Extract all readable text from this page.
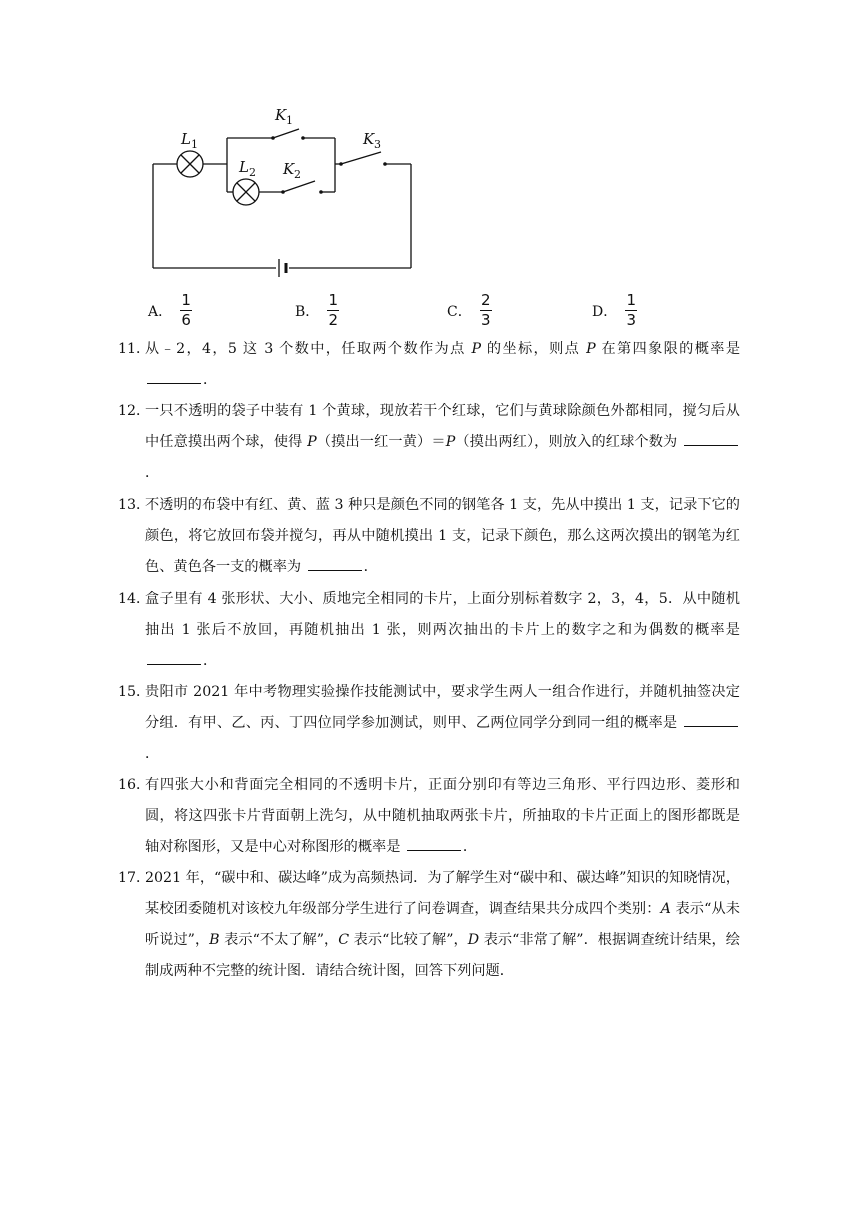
L 1
L 2
K 1
K 2
K 3
A． $\frac{1}{6}$	B． $\frac{1}{2}$	C． $\frac{2}{3}$	D． $\frac{1}{3}$
11．
从﹣2，4，5 这 3 个数中，任取两个数作为点 P 的坐标，则点 P 在第四象限的概率是 ．
12．
一只不透明的袋子中装有 1 个黄球，现放若干个红球，它们与黄球除颜色外都相同，搅匀后从中任意摸出两个球，使得 P（摸出一红一黄）＝P（摸出两红），则放入的红球个数为 ．
13．
不透明的布袋中有红、黄、蓝 3 种只是颜色不同的钢笔各 1 支，先从中摸出 1 支，记录下它的颜色，将它放回布袋并搅匀，再从中随机摸出 1 支，记录下颜色，那么这两次摸出的钢笔为红色、黄色各一支的概率为	．
14．
盒子里有 4 张形状、大小、质地完全相同的卡片，上面分别标着数字 2，3，4，5．从中随机抽出 1 张后不放回，再随机抽出 1 张，则两次抽出的卡片上的数字之和为偶数的概率是 ．
15．
贵阳市 2021 年中考物理实验操作技能测试中，要求学生两人一组合作进行，并随机抽签决定分组．有甲、乙、丙、丁四位同学参加测试，则甲、乙两位同学分到同一组的概率是 ．
16．
有四张大小和背面完全相同的不透明卡片，正面分别印有等边三角形、平行四边形、菱形和圆，将这四张卡片背面朝上洗匀，从中随机抽取两张卡片，所抽取的卡片正面上的图形都既是轴对称图形，又是中心对称图形的概率是	．
17．
2021 年，“碳中和、碳达峰”成为高频热词．为了解学生对“碳中和、碳达峰”知识的知晓情况，某校团委随机对该校九年级部分学生进行了问卷调查，调查结果共分成四个类别：A 表示“从未听说过”，B 表示“不太了解”，C 表示“比较了解”，D 表示“非常了解”．根据调查统计结果，绘制成两种不完整的统计图．请结合统计图，回答下列问题．
